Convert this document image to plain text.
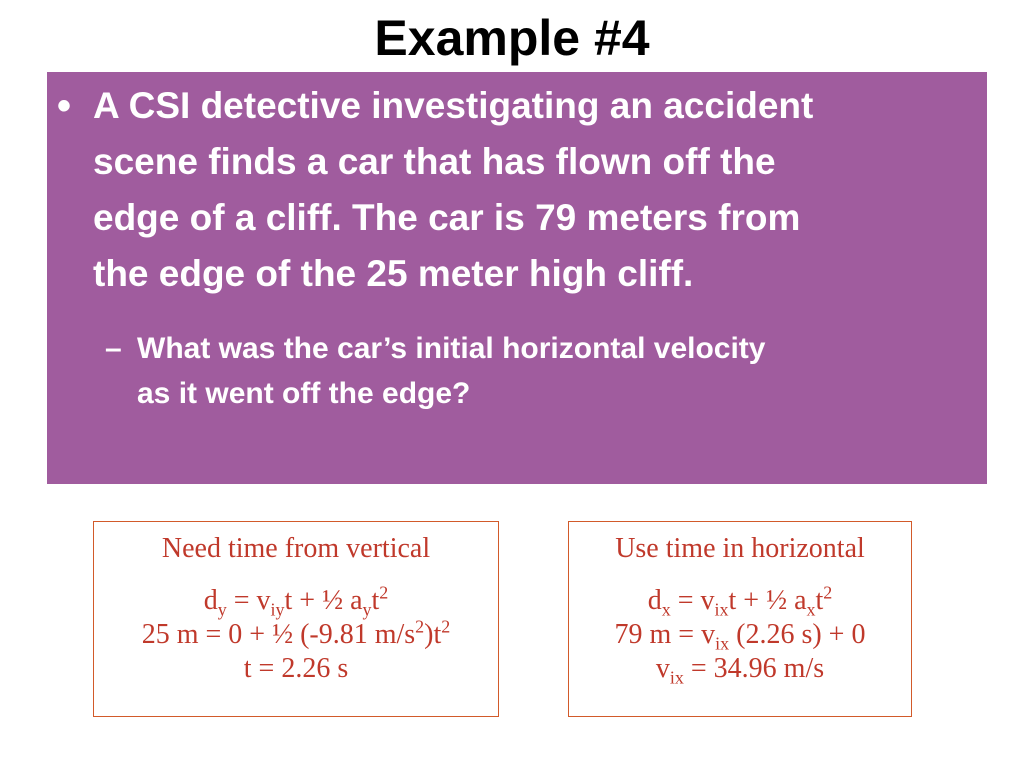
Example #4
• A CSI detective investigating an accident
scene finds a car that has flown off the
edge of a cliff. The car is 79 meters from
the edge of the 25 meter high cliff.
– What was the car’s initial horizontal velocity
as it went off the edge?
Need time from vertical
$d_y = v_{iy}t$ + ½ $a_yt^2$
25 m = 0 + ½ (-9.81 $m/s^2)t^2$
t = 2.26 s
Use time in horizontal
$d_x = v_{ix}t$ + ½ $a_xt^2$
79 $m = v_{ix}$ (2.26 s) + 0
$v_{ix} = 34.96$ m/s
